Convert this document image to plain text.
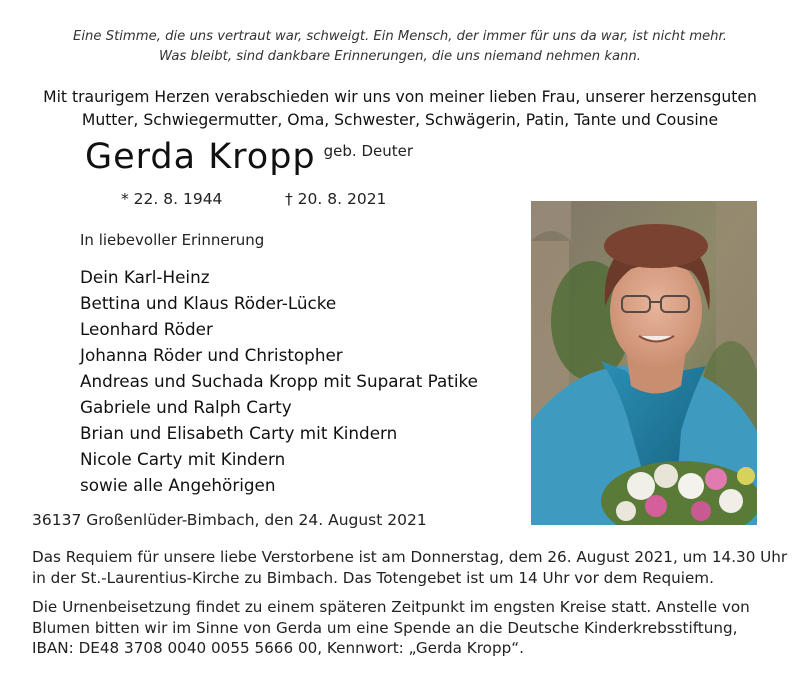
Eine Stimme, die uns vertraut war, schweigt. Ein Mensch, der immer für uns da war, ist nicht mehr.
Was bleibt, sind dankbare Erinnerungen, die uns niemand nehmen kann.
Mit traurigem Herzen verabschieden wir uns von meiner lieben Frau, unserer herzensguten
Mutter, Schwiegermutter, Oma, Schwester, Schwägerin, Patin, Tante und Cousine
Gerda Kropp geb. Deuter
* 22. 8. 1944	† 20. 8. 2021
In liebevoller Erinnerung
Dein Karl-Heinz
Bettina und Klaus Röder-Lücke
Leonhard Röder
Johanna Röder und Christopher
Andreas und Suchada Kropp mit Suparat Patike
Gabriele und Ralph Carty
Brian und Elisabeth Carty mit Kindern
Nicole Carty mit Kindern
sowie alle Angehörigen
36137 Großenlüder-Bimbach, den 24. August 2021
Das Requiem für unsere liebe Verstorbene ist am Donnerstag, dem 26. August 2021, um 14.30 Uhr
in der St.-Laurentius-Kirche zu Bimbach. Das Totengebet ist um 14 Uhr vor dem Requiem.
Die Urnenbeisetzung findet zu einem späteren Zeitpunkt im engsten Kreise statt. Anstelle von
Blumen bitten wir im Sinne von Gerda um eine Spende an die Deutsche Kinderkrebsstiftung,
IBAN: DE48 3708 0040 0055 5666 00, Kennwort: „Gerda Kropp“.
